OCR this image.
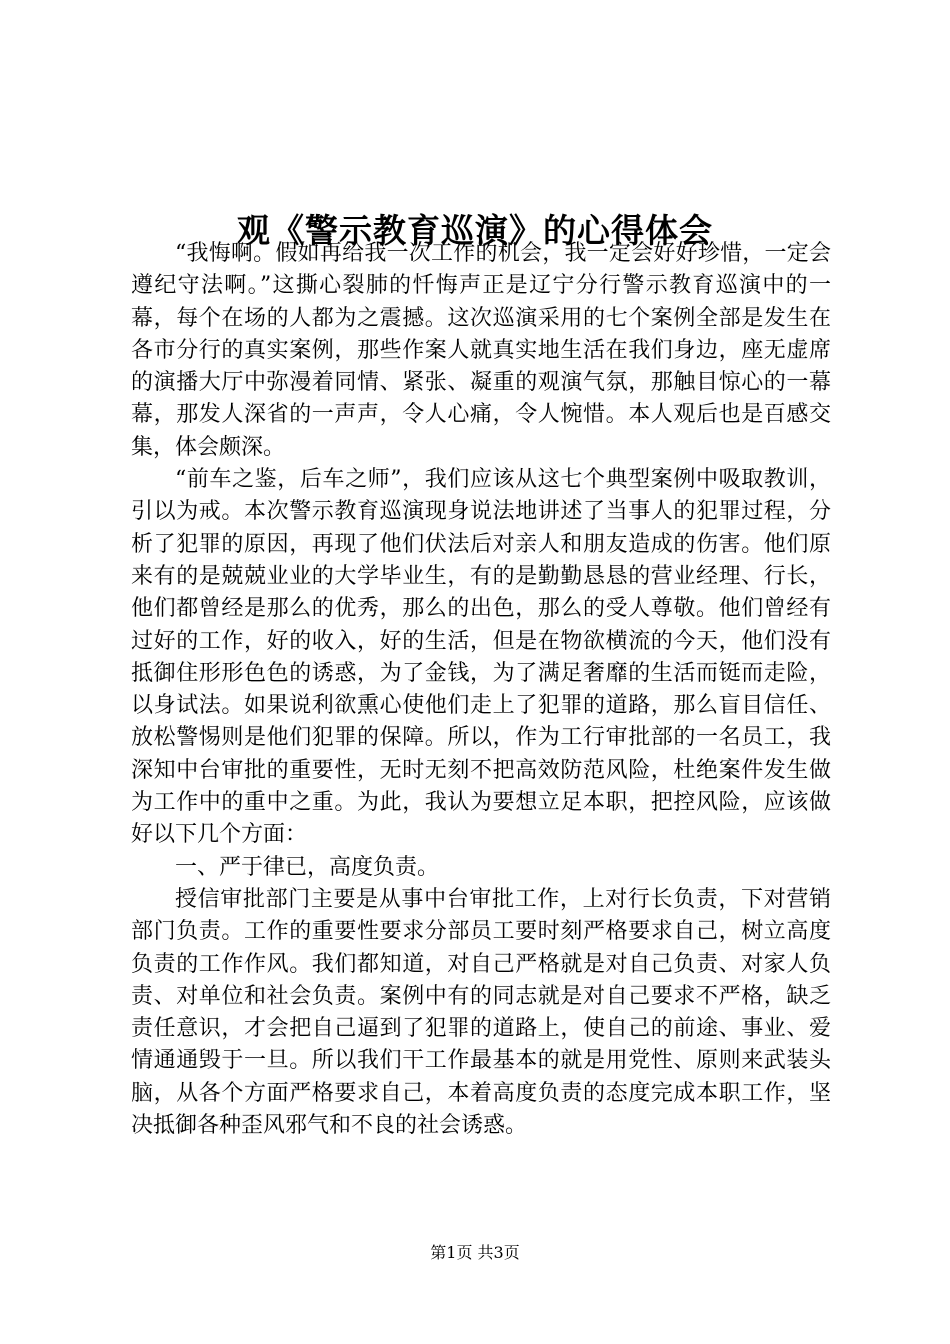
观《警示教育巡演》的心得体会

“我悔啊。假如再给我一次工作的机会，我一定会好好珍惜，一定会遵纪守法啊。”这撕心裂肺的忏悔声正是辽宁分行警示教育巡演中的一幕，每个在场的人都为之震撼。这次巡演采用的七个案例全部是发生在各市分行的真实案例，那些作案人就真实地生活在我们身边，座无虚席的演播大厅中弥漫着同情、紧张、凝重的观演气氛，那触目惊心的一幕幕，那发人深省的一声声，令人心痛，令人惋惜。本人观后也是百感交集，体会颇深。

“前车之鉴，后车之师”，我们应该从这七个典型案例中吸取教训，引以为戒。本次警示教育巡演现身说法地讲述了当事人的犯罪过程，分析了犯罪的原因，再现了他们伏法后对亲人和朋友造成的伤害。他们原来有的是兢兢业业的大学毕业生，有的是勤勤恳恳的营业经理、行长，他们都曾经是那么的优秀，那么的出色，那么的受人尊敬。他们曾经有过好的工作，好的收入，好的生活，但是在物欲横流的今天，他们没有抵御住形形色色的诱惑，为了金钱，为了满足奢靡的生活而铤而走险，以身试法。如果说利欲熏心使他们走上了犯罪的道路，那么盲目信任、放松警惕则是他们犯罪的保障。所以，作为工行审批部的一名员工，我深知中台审批的重要性，无时无刻不把高效防范风险，杜绝案件发生做为工作中的重中之重。为此，我认为要想立足本职，把控风险，应该做好以下几个方面：

一、严于律已，高度负责。

授信审批部门主要是从事中台审批工作，上对行长负责，下对营销部门负责。工作的重要性要求分部员工要时刻严格要求自己，树立高度负责的工作作风。我们都知道，对自己严格就是对自己负责、对家人负责、对单位和社会负责。案例中有的同志就是对自己要求不严格，缺乏责任意识，才会把自己逼到了犯罪的道路上，使自己的前途、事业、爱情通通毁于一旦。所以我们干工作最基本的就是用党性、原则来武装头脑，从各个方面严格要求自己，本着高度负责的态度完成本职工作，坚决抵御各种歪风邪气和不良的社会诱惑。

第1页 共3页
